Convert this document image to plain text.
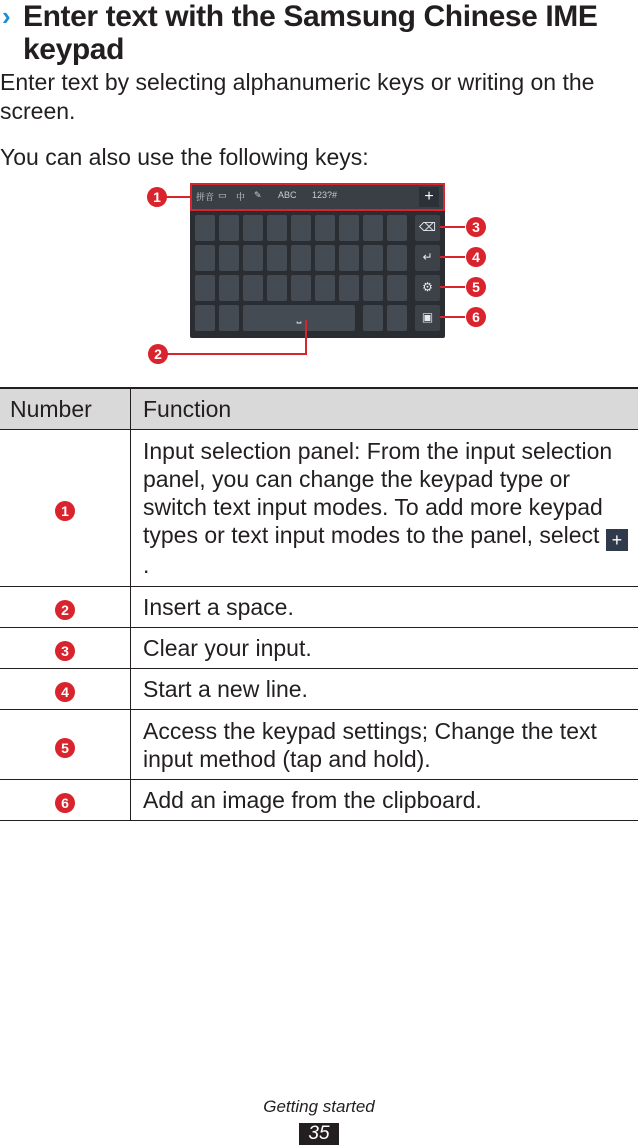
› Enter text with the Samsung Chinese IME keypad
Enter text by selecting alphanumeric keys or writing on the screen.
You can also use the following keys:
拼音 ▭ 中 ✎ ABC 123?#	+
⌫
↵
⚙
⎵	▣
1
2
3
4
5
6
Number	Function
1	Input selection panel: From the input selection panel, you can change the keypad type or switch text input modes. To add more keypad types or text input modes to the panel, select +.
2	Insert a space.
3	Clear your input.
4	Start a new line.
5	Access the keypad settings; Change the text input method (tap and hold).
6	Add an image from the clipboard.
Getting started
35
